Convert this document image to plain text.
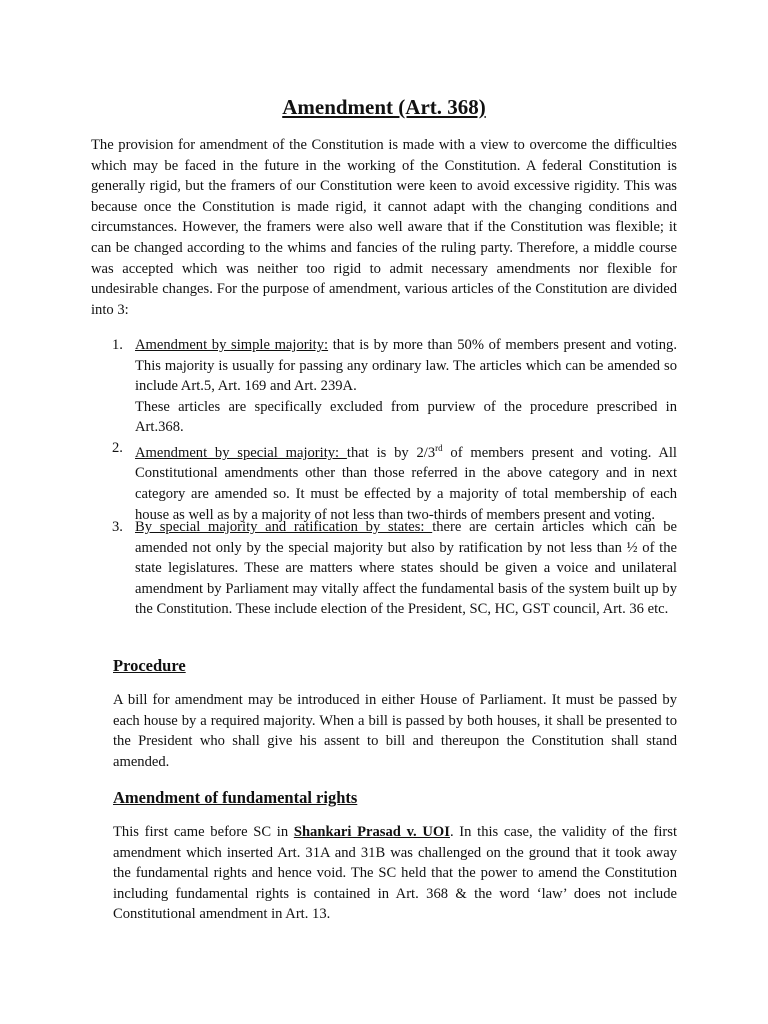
Amendment (Art. 368)

The provision for amendment of the Constitution is made with a view to overcome the difficulties which may be faced in the future in the working of the Constitution. A federal Constitution is generally rigid, but the framers of our Constitution were keen to avoid excessive rigidity. This was because once the Constitution is made rigid, it cannot adapt with the changing conditions and circumstances. However, the framers were also well aware that if the Constitution was flexible; it can be changed according to the whims and fancies of the ruling party. Therefore, a middle course was accepted which was neither too rigid to admit necessary amendments nor flexible for undesirable changes. For the purpose of amendment, various articles of the Constitution are divided into 3:

1. Amendment by simple majority: that is by more than 50% of members present and voting. This majority is usually for passing any ordinary law. The articles which can be amended so include Art.5, Art. 169 and Art. 239A.

These articles are specifically excluded from purview of the procedure prescribed in Art.368.

2. Amendment by special majority: that is by 2/3rd of members present and voting. All Constitutional amendments other than those referred in the above category and in next category are amended so. It must be effected by a majority of total membership of each house as well as by a majority of not less than two-thirds of members present and voting.
3. By special majority and ratification by states: there are certain articles which can be amended not only by the special majority but also by ratification by not less than ½ of the state legislatures. These are matters where states should be given a voice and unilateral amendment by Parliament may vitally affect the fundamental basis of the system built up by the Constitution. These include election of the President, SC, HC, GST council, Art. 36 etc.
Procedure

A bill for amendment may be introduced in either House of Parliament. It must be passed by each house by a required majority. When a bill is passed by both houses, it shall be presented to the President who shall give his assent to bill and thereupon the Constitution shall stand amended.

Amendment of fundamental rights

This first came before SC in Shankari Prasad v. UOI. In this case, the validity of the first amendment which inserted Art. 31A and 31B was challenged on the ground that it took away the fundamental rights and hence void. The SC held that the power to amend the Constitution including fundamental rights is contained in Art. 368 & the word ‘law’ does not include Constitutional amendment in Art. 13.
